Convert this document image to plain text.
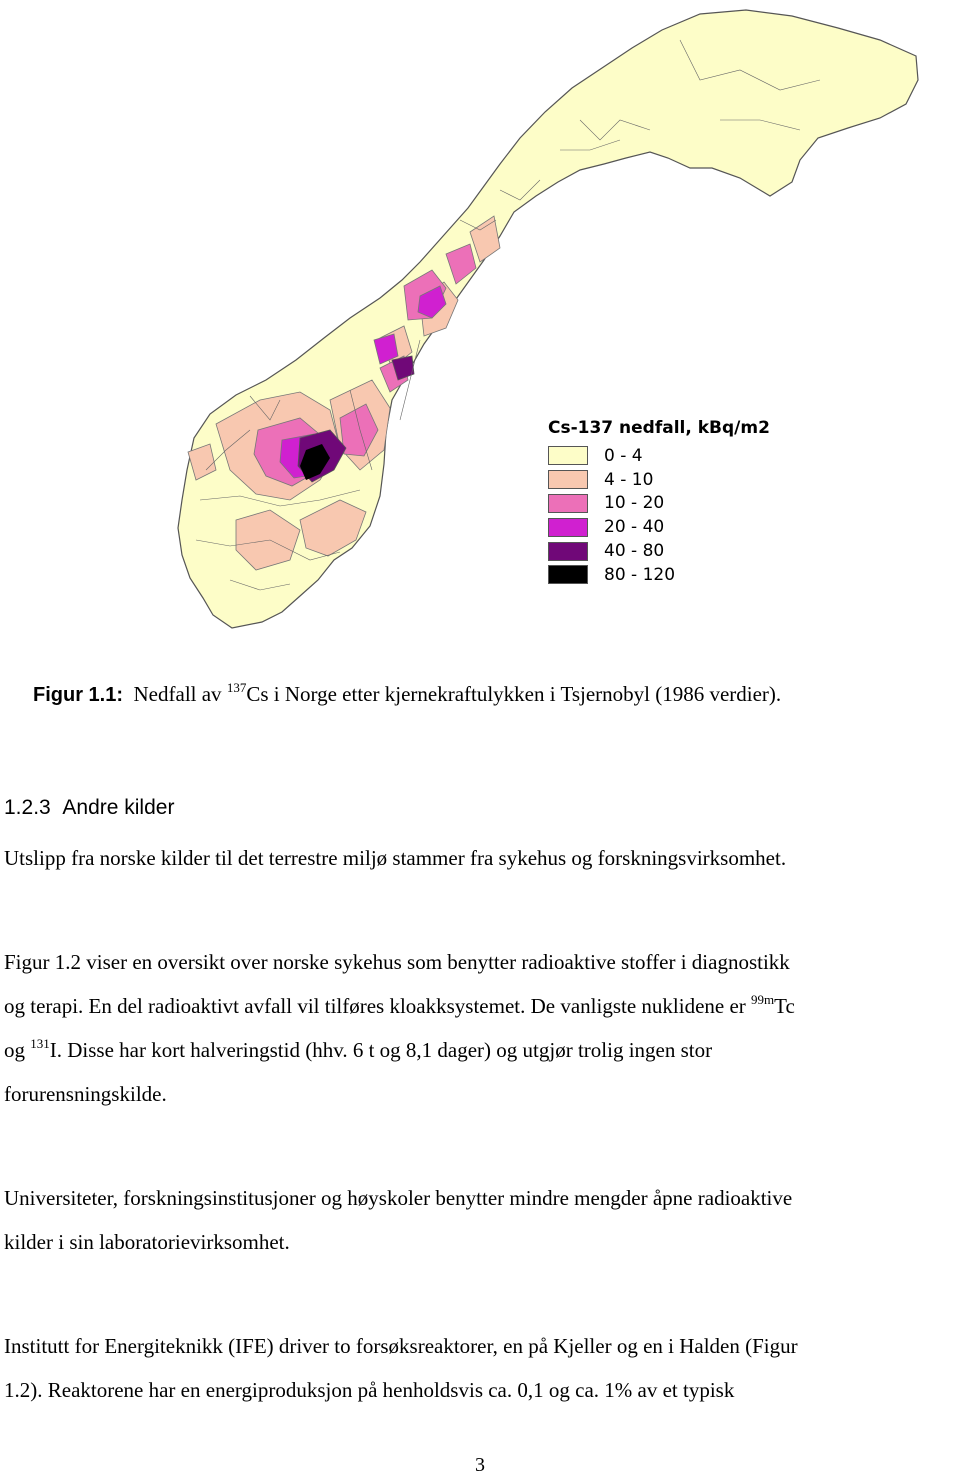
Cs-137 nedfall, kBq/m2
0 - 4
4 - 10
10 - 20
20 - 40
40 - 80
80 - 120
Figur 1.1: Nedfall av $^{137}$Cs i Norge etter kjernekraftulykken i Tsjernobyl (1986 verdier).
1.2.3 Andre kilder
Utslipp fra norske kilder til det terrestre miljø stammer fra sykehus og forskningsvirksomhet.
Figur 1.2 viser en oversikt over norske sykehus som benytter radioaktive stoffer i diagnostikk
og terapi. En del radioaktivt avfall vil tilføres kloakksystemet. De vanligste nuklidene er $^{99m}$Tc
og $^{131}$I. Disse har kort halveringstid (hhv. 6 t og 8,1 dager) og utgjør trolig ingen stor
forurensningskilde.
Universiteter, forskningsinstitusjoner og høyskoler benytter mindre mengder åpne radioaktive
kilder i sin laboratorievirksomhet.
Institutt for Energiteknikk (IFE) driver to forsøksreaktorer, en på Kjeller og en i Halden (Figur
1.2). Reaktorene har en energiproduksjon på henholdsvis ca. 0,1 og ca. 1% av et typisk
3
